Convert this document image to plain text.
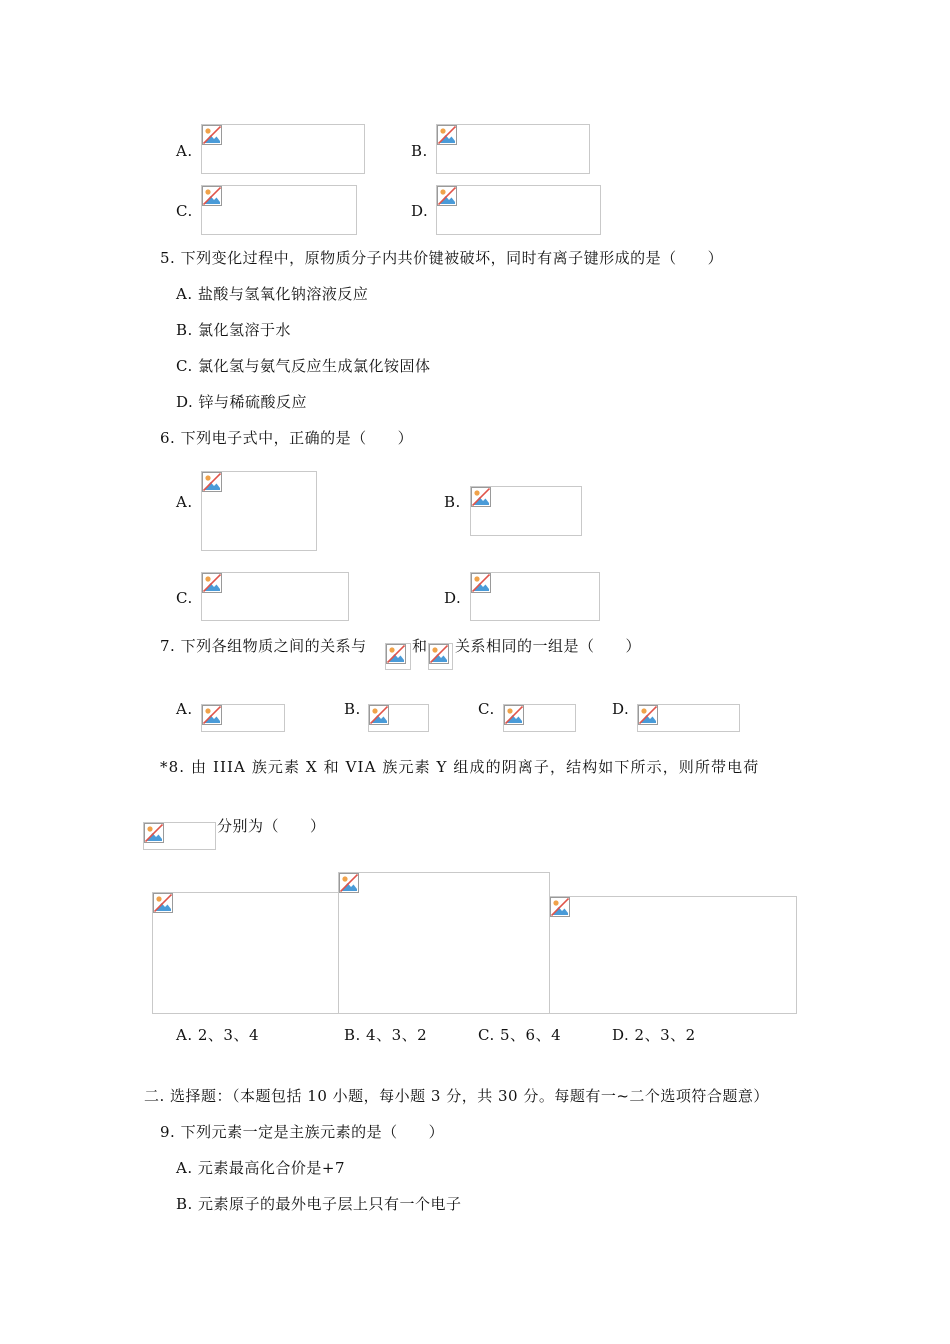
A.	B.
C.	D.
5. 下列变化过程中，原物质分子内共价键被破坏，同时有离子键形成的是（　　）
A. 盐酸与氢氧化钠溶液反应
B. 氯化氢溶于水
C. 氯化氢与氨气反应生成氯化铵固体
D. 锌与稀硫酸反应
6. 下列电子式中，正确的是（　　）
A.	B.
C.	D.
7. 下列各组物质之间的关系与	和 关系相同的一组是（　　）
A.	B.	C.	D.
*8. 由 IIIA 族元素 X 和 VIA 族元素 Y 组成的阴离子，结构如下所示，则所带电荷
分别为（　　）
A. 2、3、4	B. 4、3、2	C. 5、6、4	D. 2、3、2
二. 选择题：（本题包括 10 小题，每小题 3 分，共 30 分。每题有一~二个选项符合题意）
9. 下列元素一定是主族元素的是（　　）
A. 元素最高化合价是+7
B. 元素原子的最外电子层上只有一个电子
